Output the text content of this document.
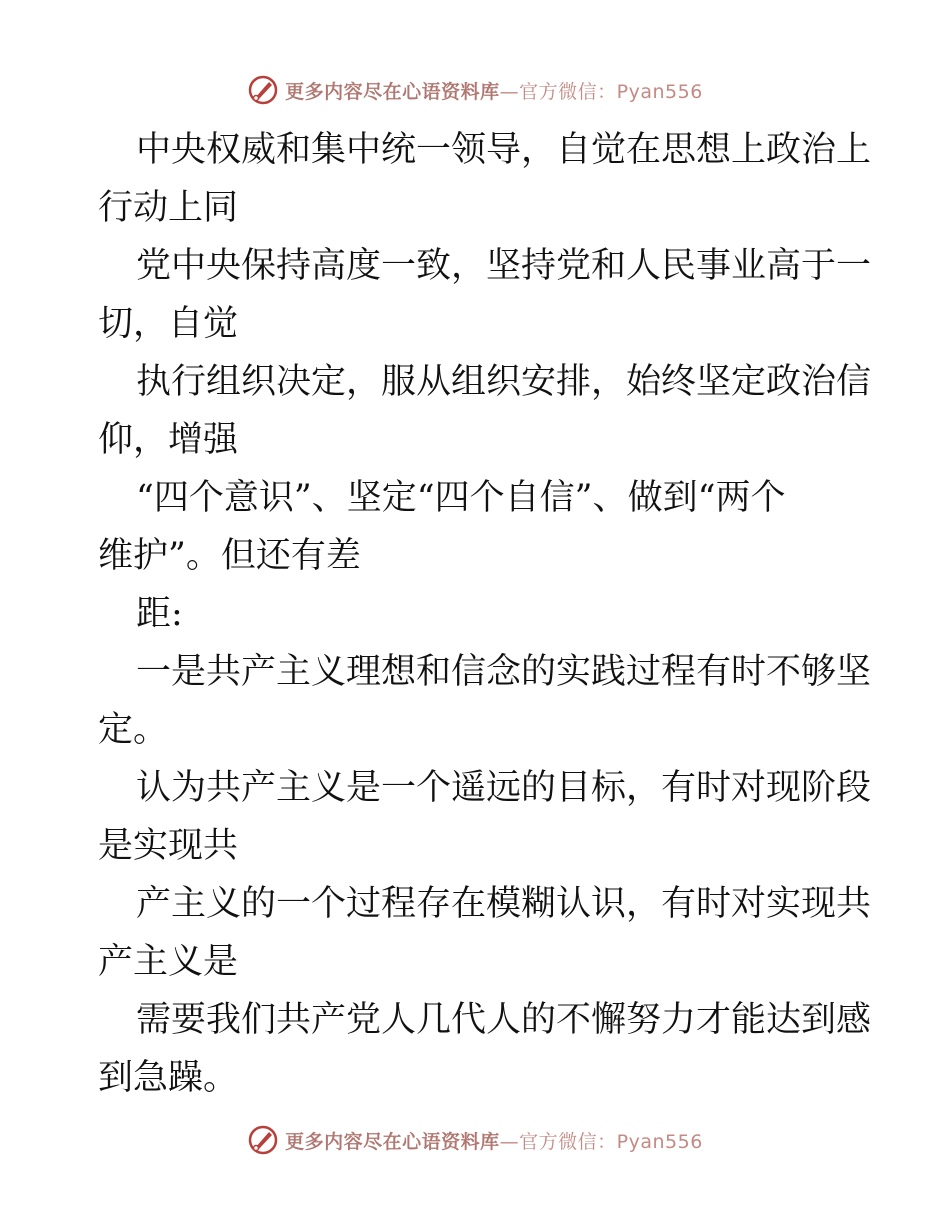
更多内容尽在心语资料库—官方微信：Pyan556

中央权威和集中统一领导，自觉在思想上政治上

行动上同

党中央保持高度一致，坚持党和人民事业高于一

切，自觉

执行组织决定，服从组织安排，始终坚定政治信

仰，增强

“四个意识”、坚定“四个自信”、做到“两个

维护”。但还有差

距:

一是共产主义理想和信念的实践过程有时不够坚

定。

认为共产主义是一个遥远的目标，有时对现阶段

是实现共

产主义的一个过程存在模糊认识，有时对实现共

产主义是

需要我们共产党人几代人的不懈努力才能达到感

到急躁。

更多内容尽在心语资料库—官方微信：Pyan556
